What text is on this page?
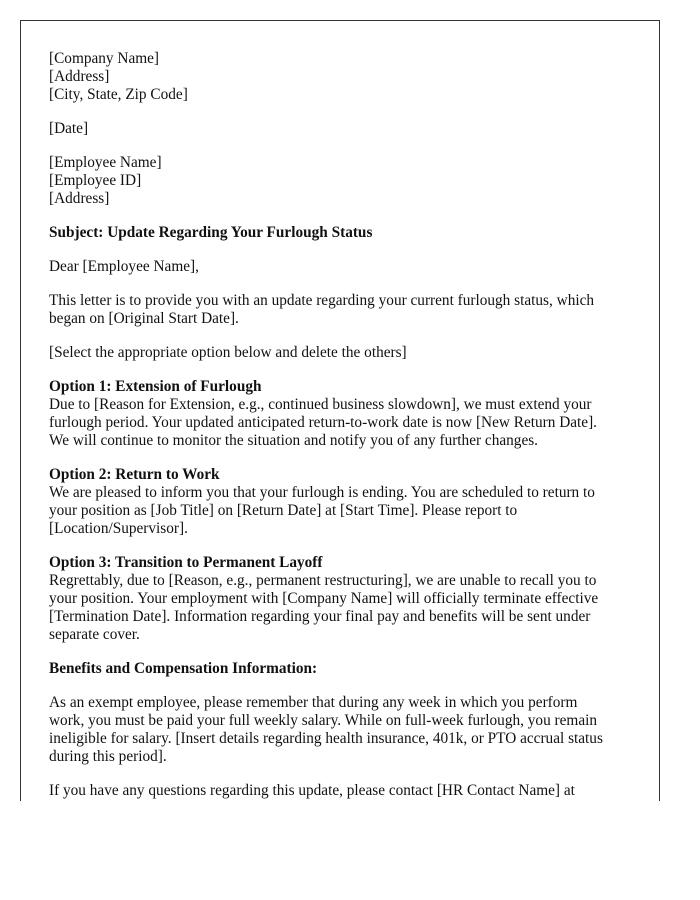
[Company Name]
[Address]
[City, State, Zip Code]
[Date]
[Employee Name]
[Employee ID]
[Address]
Subject: Update Regarding Your Furlough Status
Dear [Employee Name],
This letter is to provide you with an update regarding your current furlough status, which
began on [Original Start Date].
[Select the appropriate option below and delete the others]
Option 1: Extension of Furlough
Due to [Reason for Extension, e.g., continued business slowdown], we must extend your
furlough period. Your updated anticipated return-to-work date is now [New Return Date].
We will continue to monitor the situation and notify you of any further changes.
Option 2: Return to Work
We are pleased to inform you that your furlough is ending. You are scheduled to return to
your position as [Job Title] on [Return Date] at [Start Time]. Please report to
[Location/Supervisor].
Option 3: Transition to Permanent Layoff
Regrettably, due to [Reason, e.g., permanent restructuring], we are unable to recall you to
your position. Your employment with [Company Name] will officially terminate effective
[Termination Date]. Information regarding your final pay and benefits will be sent under
separate cover.
Benefits and Compensation Information:
As an exempt employee, please remember that during any week in which you perform
work, you must be paid your full weekly salary. While on full-week furlough, you remain
ineligible for salary. [Insert details regarding health insurance, 401k, or PTO accrual status
during this period].
If you have any questions regarding this update, please contact [HR Contact Name] at
